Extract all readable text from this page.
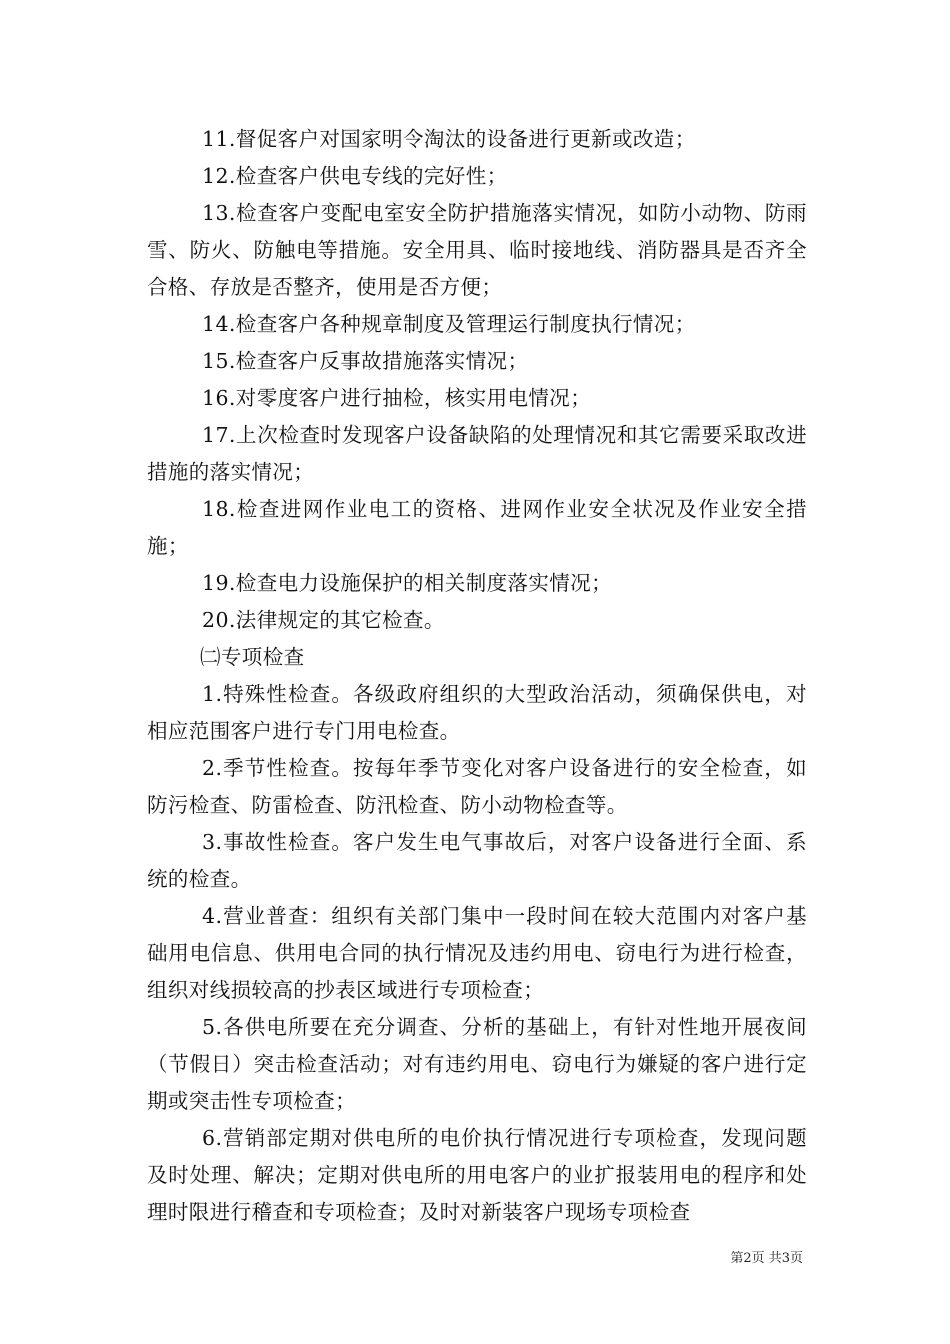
11.督促客户对国家明令淘汰的设备进行更新或改造；

12.检查客户供电专线的完好性；

13.检查客户变配电室安全防护措施落实情况，如防小动物、防雨雪、防火、防触电等措施。安全用具、临时接地线、消防器具是否齐全合格、存放是否整齐，使用是否方便；

14.检查客户各种规章制度及管理运行制度执行情况；

15.检查客户反事故措施落实情况；

16.对零度客户进行抽检，核实用电情况；

17.上次检查时发现客户设备缺陷的处理情况和其它需要采取改进措施的落实情况；

18.检查进网作业电工的资格、进网作业安全状况及作业安全措施；

19.检查电力设施保护的相关制度落实情况；

20.法律规定的其它检查。

㈡专项检查

1.特殊性检查。各级政府组织的大型政治活动，须确保供电，对相应范围客户进行专门用电检查。

2.季节性检查。按每年季节变化对客户设备进行的安全检查，如防污检查、防雷检查、防汛检查、防小动物检查等。

3.事故性检查。客户发生电气事故后，对客户设备进行全面、系统的检查。

4.营业普查：组织有关部门集中一段时间在较大范围内对客户基础用电信息、供用电合同的执行情况及违约用电、窃电行为进行检查，组织对线损较高的抄表区域进行专项检查；

5.各供电所要在充分调查、分析的基础上，有针对性地开展夜间（节假日）突击检查活动；对有违约用电、窃电行为嫌疑的客户进行定期或突击性专项检查；

6.营销部定期对供电所的电价执行情况进行专项检查，发现问题及时处理、解决；定期对供电所的用电客户的业扩报装用电的程序和处理时限进行稽查和专项检查；及时对新装客户现场专项检查

第2页 共3页
